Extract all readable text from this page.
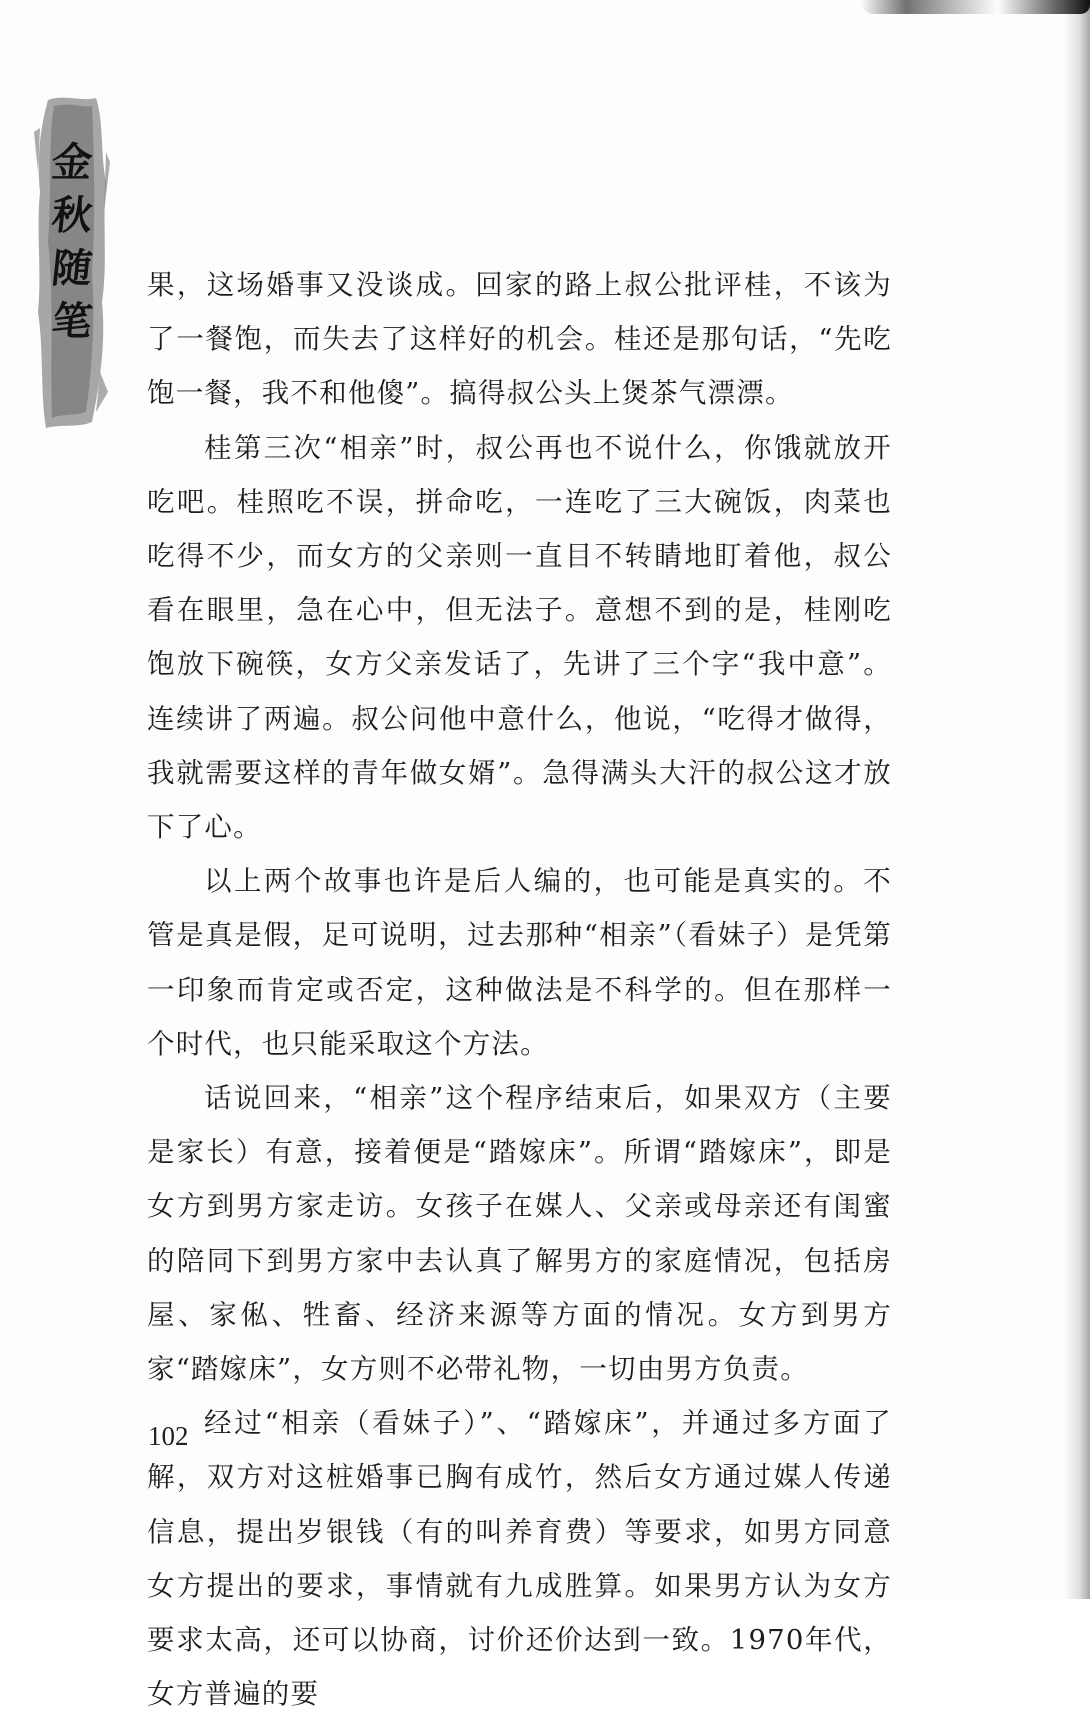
金
秋
随
笔

果，这场婚事又没谈成。回家的路上叔公批评桂，不该为了一餐饱，而失去了这样好的机会。桂还是那句话，“先吃饱一餐，我不和他傻”。搞得叔公头上煲茶气漂漂。

桂第三次“相亲”时，叔公再也不说什么，你饿就放开吃吧。桂照吃不误，拼命吃，一连吃了三大碗饭，肉菜也吃得不少，而女方的父亲则一直目不转睛地盯着他，叔公看在眼里，急在心中，但无法子。意想不到的是，桂刚吃饱放下碗筷，女方父亲发话了，先讲了三个字“我中意”。连续讲了两遍。叔公问他中意什么，他说，“吃得才做得，我就需要这样的青年做女婿”。急得满头大汗的叔公这才放下了心。

以上两个故事也许是后人编的，也可能是真实的。不管是真是假，足可说明，过去那种“相亲”（看妹子）是凭第一印象而肯定或否定，这种做法是不科学的。但在那样一个时代，也只能采取这个方法。

话说回来，“相亲”这个程序结束后，如果双方（主要是家长）有意，接着便是“踏嫁床”。所谓“踏嫁床”，即是女方到男方家走访。女孩子在媒人、父亲或母亲还有闺蜜的陪同下到男方家中去认真了解男方的家庭情况，包括房屋、家俬、牲畜、经济来源等方面的情况。女方到男方家“踏嫁床”，女方则不必带礼物，一切由男方负责。

经过“相亲（看妹子）”、“踏嫁床”，并通过多方面了解，双方对这桩婚事已胸有成竹，然后女方通过媒人传递信息，提出岁银钱（有的叫养育费）等要求，如男方同意女方提出的要求，事情就有九成胜算。如果男方认为女方要求太高，还可以协商，讨价还价达到一致。1970年代，女方普遍的要

102
